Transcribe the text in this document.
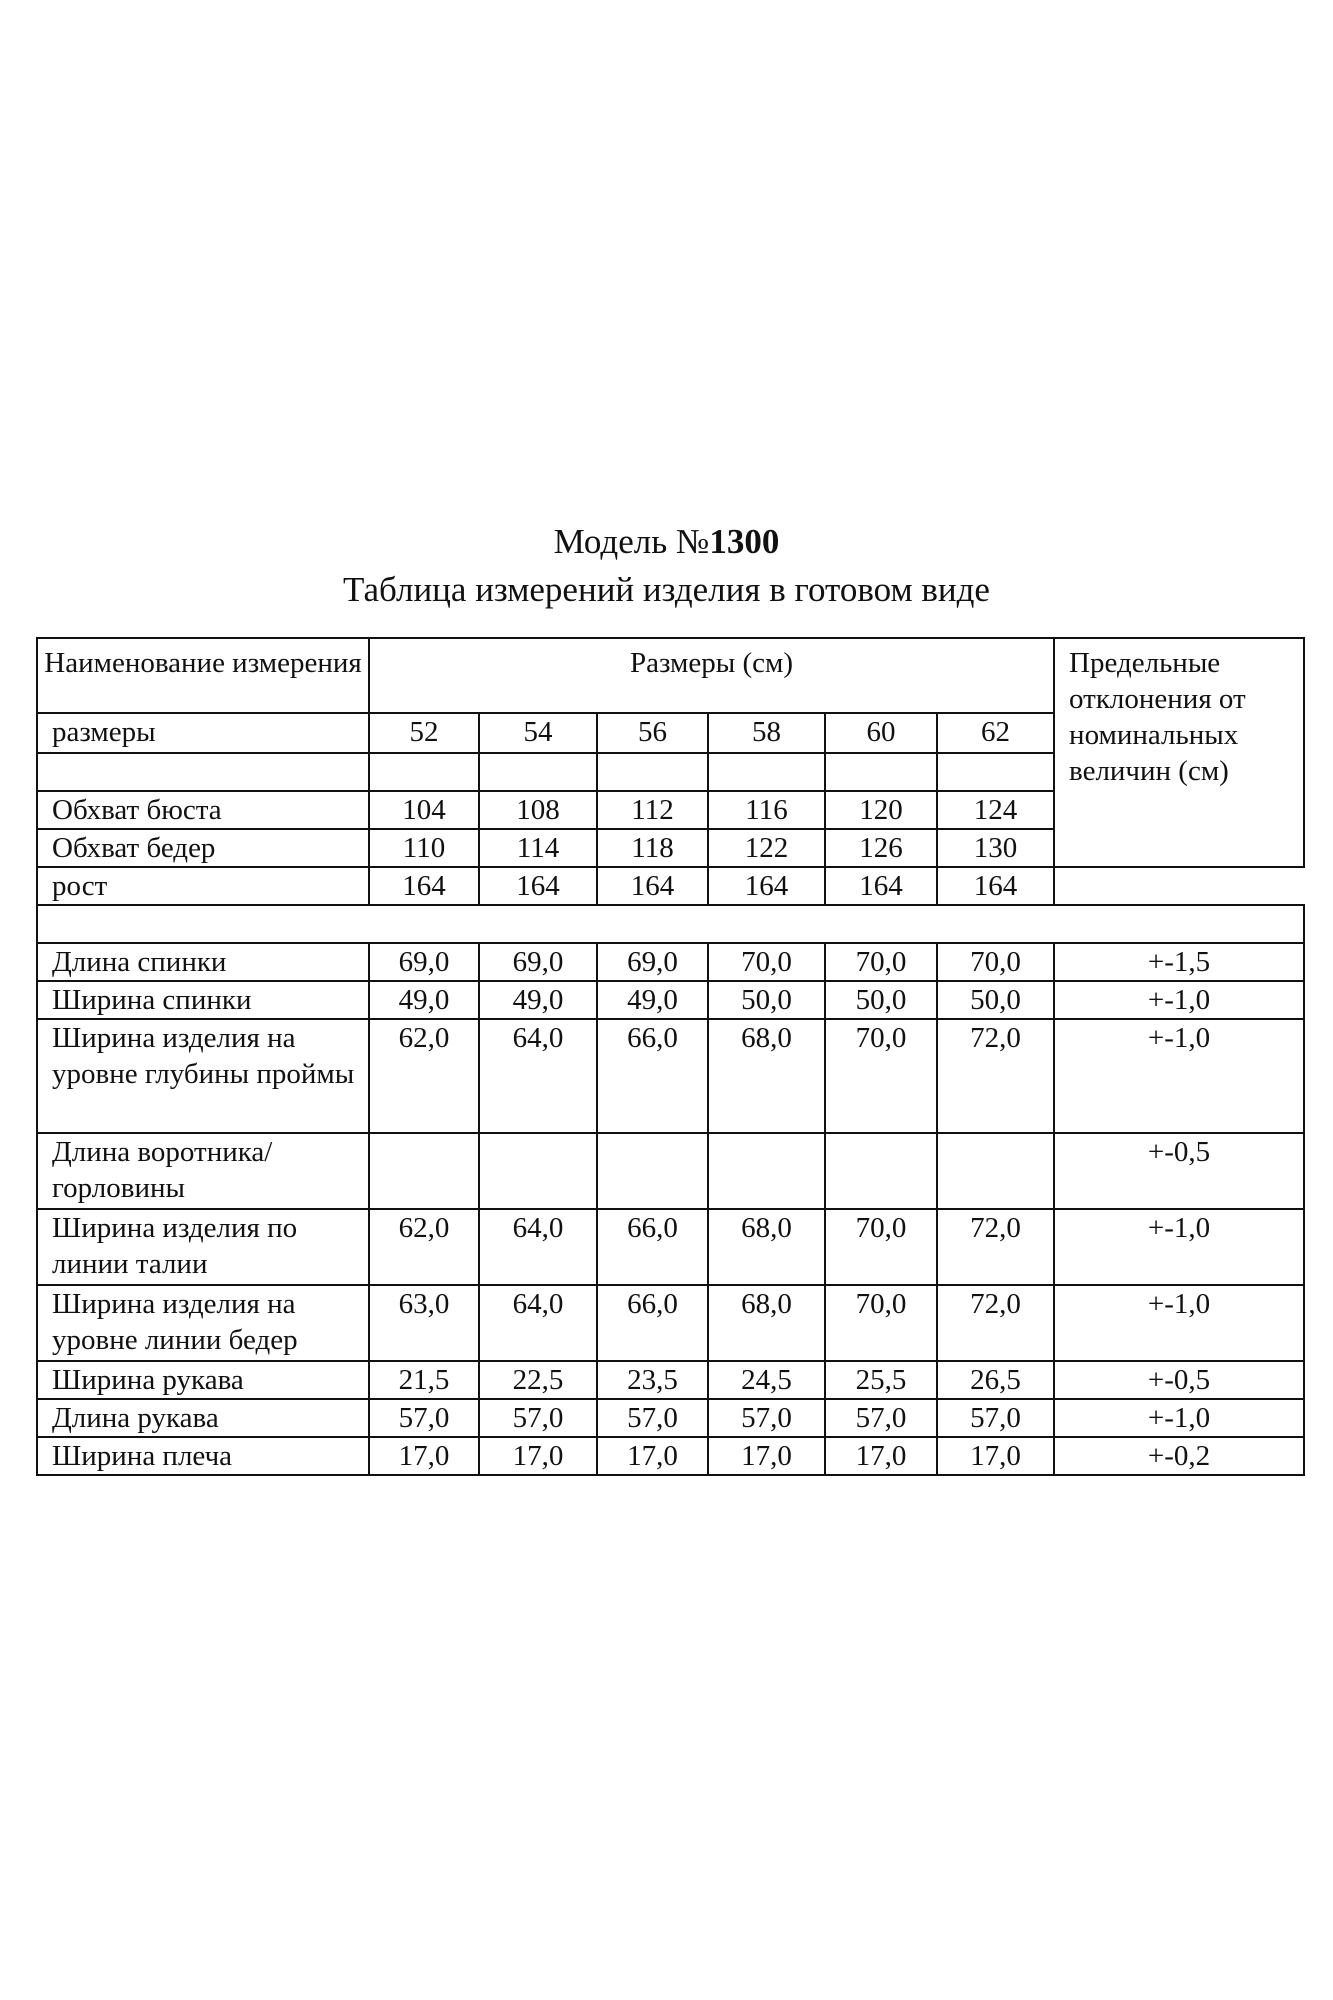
Модель №1300
Таблица измерений изделия в готовом виде
Наименование измерения	Размеры (см)						Предельные отклонения от номинальных величин (см)
размеры	52	54	56	58	60	62	

Обхват бюста	104	108	112	116	120	124	
Обхват бедер	110	114	118	122	126	130	
рост	164	164	164	164	164	164	

Длина спинки	69,0	69,0	69,0	70,0	70,0	70,0	+-1,5
Ширина спинки	49,0	49,0	49,0	50,0	50,0	50,0	+-1,0
Ширина изделия на уровне глубины проймы	62,0	64,0	66,0	68,0	70,0	72,0	+-1,0
Длина воротника/горловины							+-0,5
Ширина изделия по линии талии	62,0	64,0	66,0	68,0	70,0	72,0	+-1,0
Ширина изделия на уровне линии бедер	63,0	64,0	66,0	68,0	70,0	72,0	+-1,0
Ширина рукава	21,5	22,5	23,5	24,5	25,5	26,5	+-0,5
Длина рукава	57,0	57,0	57,0	57,0	57,0	57,0	+-1,0
Ширина плеча	17,0	17,0	17,0	17,0	17,0	17,0	+-0,2
